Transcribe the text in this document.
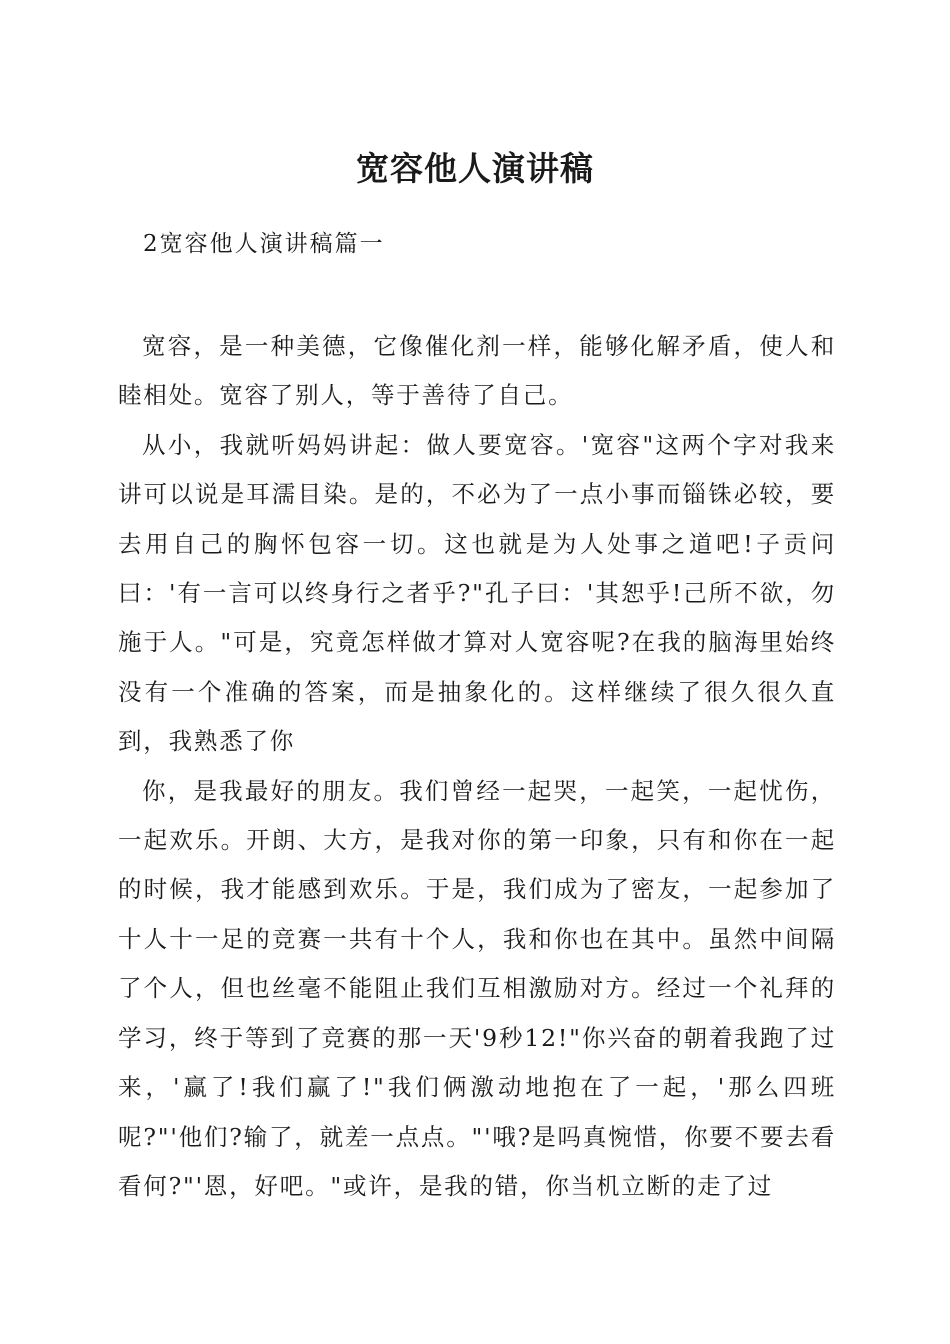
宽容他人演讲稿
2宽容他人演讲稿篇一

宽容，是一种美德，它像催化剂一样，能够化解矛盾，使人和睦相处。宽容了别人，等于善待了自己。

从小，我就听妈妈讲起：做人要宽容。'宽容"这两个字对我来讲可以说是耳濡目染。是的，不必为了一点小事而锱铢必较，要去用自己的胸怀包容一切。这也就是为人处事之道吧!子贡问曰：'有一言可以终身行之者乎?"孔子曰：'其恕乎!己所不欲，勿施于人。"可是，究竟怎样做才算对人宽容呢?在我的脑海里始终没有一个准确的答案，而是抽象化的。这样继续了很久很久直到，我熟悉了你

你，是我最好的朋友。我们曾经一起哭，一起笑，一起忧伤，一起欢乐。开朗、大方，是我对你的第一印象，只有和你在一起的时候，我才能感到欢乐。于是，我们成为了密友，一起参加了十人十一足的竞赛一共有十个人，我和你也在其中。虽然中间隔了个人，但也丝毫不能阻止我们互相激励对方。经过一个礼拜的学习，终于等到了竞赛的那一天'9秒12!"你兴奋的朝着我跑了过来，'赢了!我们赢了!"我们俩激动地抱在了一起，'那么四班呢?"'他们?输了，就差一点点。"'哦?是吗真惋惜，你要不要去看看何?"'恩，好吧。"或许，是我的错，你当机立断的走了过
